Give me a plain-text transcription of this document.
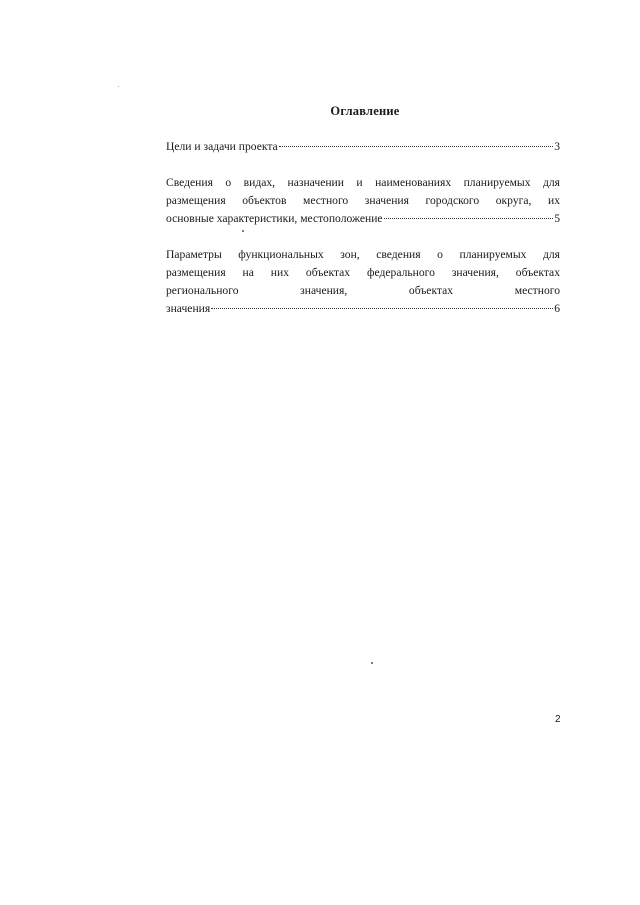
Оглавление
Цели и задачи проекта	3
Сведения о видах, назначении и наименованиях планируемых для
размещения объектов местного значения городского округа, их
основные характеристики, местоположение	5
Параметры функциональных зон, сведения о планируемых для
размещения на них объектах федерального значения, объектах
регионального	значения,	объектах	местного
значения	6
2
